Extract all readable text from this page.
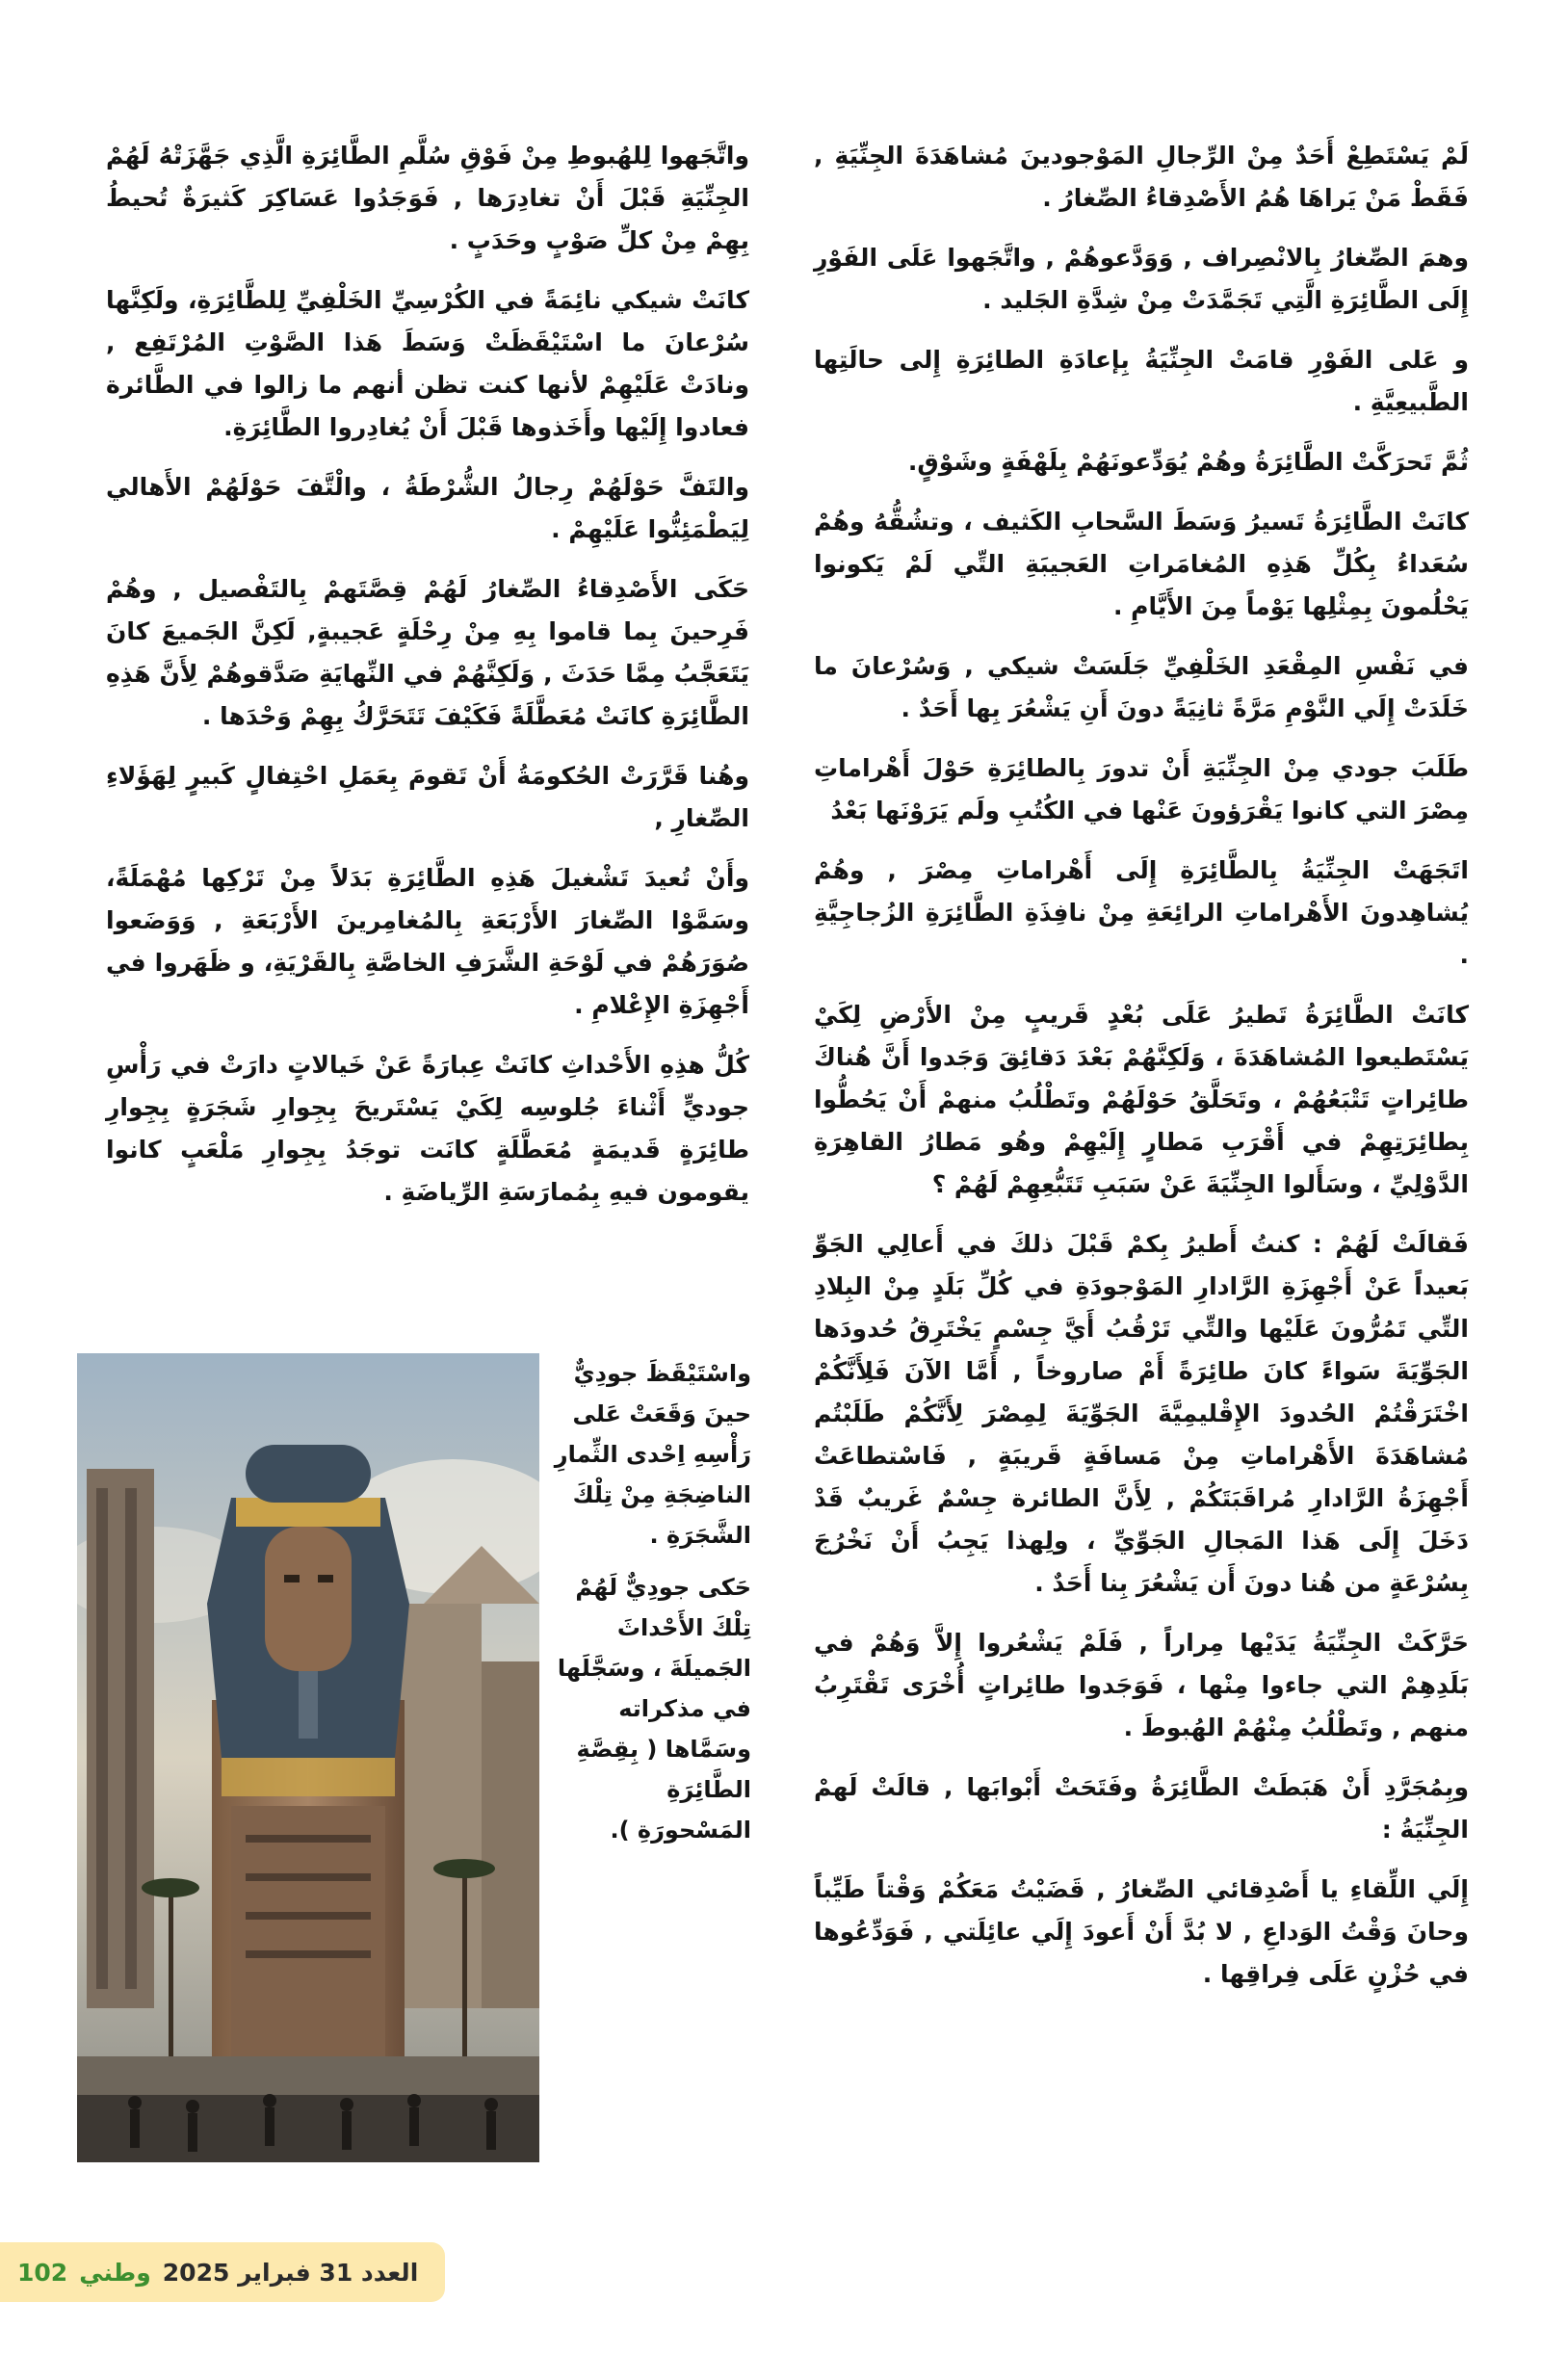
لَمْ يَسْتَطِعْ أَحَدٌ مِنْ الرِّجالِ المَوْجودينَ مُشاهَدَةَ الجِنِّيَةِ , فَقَطْ مَنْ يَراهَا هُمُ الأَصْدِقاءُ الصِّغارُ .

وهمَ الصِّغارُ بِالانْصِراف , وَوَدَّعوهُمْ , واتَّجَهوا عَلَى الفَوْرِ إِلَى الطَّائِرَةِ الَّتِي تَجَمَّدَتْ مِنْ شِدَّةِ الجَليد .

و عَلى الفَوْرِ قامَتْ الجِنِّيَةُ بِإعادَةِ الطائِرَةِ إِلى حالَتِها الطَّبيعِيَّةِ .

ثُمَّ تَحرَكَّتْ الطَّائِرَةُ وهُمْ يُوَدِّعونَهُمْ بِلَهْفَةٍ وشَوْقٍ.

كانَتْ الطَّائِرَةُ تَسيرُ وَسَطَ السَّحابِ الكَثيف ، وتشُقُّهُ وهُمْ سُعَداءُ بِكُلِّ هَذِهِ المُغامَراتِ العَجيبَةِ التِّي لَمْ يَكونوا يَحْلُمونَ بِمِثْلِها يَوْماً مِنَ الأَيَّامِ .

في نَفْسِ المِقْعَدِ الخَلْفِيِّ جَلَسَتْ شيكي , وَسُرْعانَ ما خَلَدَتْ إِلَي النَّوْمِ مَرَّةً ثانِيَةً دونَ أَنِ يَشْعُرَ بِها أَحَدٌ .

طَلَبَ جودي مِنْ الجِنِّيَةِ أَنْ تدورَ بِالطائِرَةِ حَوْلَ أَهْراماتِ مِصْرَ التي كانوا يَقْرَؤونَ عَنْها في الكُتُبِ ولَم يَرَوْنَها بَعْدُ

اتَجَهَتْ الجِنِّيَةُ بِالطَّائِرَةِ إِلَى أَهْراماتِ مِصْرَ , وهُمْ يُشاهِدونَ الأَهْراماتِ الرائِعَةِ مِنْ نافِذَةِ الطَّائِرَةِ الزُجاجِيَّةِ .

كانَتْ الطَّائِرَةُ تَطيرُ عَلَى بُعْدٍ قَريبٍ مِنْ الأَرْضِ لِكَيْ يَسْتَطيعوا المُشاهَدَةَ ، وَلَكِنَّهُمْ بَعْدَ دَقائِقَ وَجَدوا أَنَّ هُناكَ طائِراتٍ تَتْبَعُهُمْ ، وتَحَلَّقُ حَوْلَهُمْ وتَطْلُبُ منهمْ أَنْ يَحُطُّوا بِطائِرَتِهِمْ في أَقْرَبِ مَطارٍ إِلَيْهِمْ وهُو مَطارُ القاهِرَةِ الدَّوْلِيِّ ، وسَأَلوا الجِنِّيَةَ عَنْ سَبَبِ تَتَبُّعِهِمْ لَهُمْ ؟

فَقالَتْ لَهُمْ : كنتُ أَطيرُ بِكمْ قَبْلَ ذلكَ في أَعالِي الجَوِّ بَعيداً عَنْ أَجْهِزَةِ الرَّادارِ المَوْجودَةِ في كُلِّ بَلَدٍ مِنْ البِلادِ التِّي تَمُرُّونَ عَلَيْها والتِّي تَرْقُبُ أَيَّ جِسْمٍ يَخْتَرِقُ حُدودَها الجَوِّيَةَ سَواءً كانَ طائِرَةً أَمْ صاروخاً , أَمَّا الآنَ فَلِأَنَّكُمْ اخْتَرَقْتُمْ الحُدودَ الإِقْليمِيَّةَ الجَوِّيَةَ لِمِصْرَ لِأَنَّكُمْ طَلَبْتُم مُشاهَدَةَ الأَهْراماتِ مِنْ مَسافَةٍ قَريبَةٍ , فَاسْتطاعَتْ أَجْهِزَةُ الرَّادارِ مُراقَبَتَكُمْ , لِأَنَّ الطائرة جِسْمٌ غَريبٌ قَدْ دَخَلَ إِلَى هَذا المَجالِ الجَوِّيِّ ، ولِهذا يَجِبُ أَنْ نَخْرُجَ بِسُرْعَةٍ من هُنا دونَ أَن يَشْعُرَ بِنا أَحَدٌ .

حَرَّكَتْ الجِنِّيَةُ يَدَيْها مِراراً , فَلَمْ يَشْعُروا إِلاَّ وَهُمْ في بَلَدِهِمْ التي جاءوا مِنْها ، فَوَجَدوا طائِراتٍ أُخْرَى تَقْتَرِبُ منهم , وتَطْلُبُ مِنْهُمْ الهُبوطَ .

وبِمُجَرَّدِ أَنْ هَبَطَتْ الطَّائِرَةُ وفَتَحَتْ أَبْوابَها , قالَتْ لَهمْ الجِنِّيَةُ :

إِلَي اللِّقاءِ يا أَصْدِقائي الصِّغارُ , قَضَيْتُ مَعَكُمْ وَقْتاً طَيِّباً وحانَ وَقْتُ الوَداعِ , لا بُدَّ أَنْ أَعودَ إِلَي عائِلَتي , فَوَدِّعُوها في حُزْنٍ عَلَى فِراقِها .

واتَّجَهوا لِلهُبوطِ مِنْ فَوْقِ سُلَّمِ الطَّائِرَةِ الَّذِي جَهَّزَتْهُ لَهُمْ الجِنِّيَةِ قَبْلَ أَنْ تغادِرَها , فَوَجَدُوا عَسَاكِرَ كَثيرَةٌ تُحيطُ بِهِمْ مِنْ كلِّ صَوْبٍ وحَدَبٍ .

كانَتْ شيكي نائِمَةً في الكُرْسِيِّ الخَلْفِيِّ لِلطَّائِرَةِ، ولَكِنَّها سُرْعانَ ما اسْتَيْقَظَتْ وَسَطَ هَذا الصَّوْتِ المُرْتَفِع , ونادَتْ عَلَيْهِمْ لأنها كنت تظن أنهم ما زالوا في الطَّائرة فعادوا إِلَيْها وأَخَذوها قَبْلَ أَنْ يُغادِروا الطَّائِرَةِ.

والتَفَّ حَوْلَهُمْ رِجالُ الشُّرْطَةُ ، والْتَّفَ حَوْلَهُمْ الأَهالي لِيَطْمَئِنُّوا عَلَيْهِمْ .

حَكَى الأَصْدِقاءُ الصِّغارُ لَهُمْ قِصَّتَهمْ بِالتَفْصيل , وهُمْ فَرِحينَ بِما قاموا بِهِ مِنْ رِحْلَةٍ عَجيبةٍ, لَكِنَّ الجَميعَ كانَ يَتَعَجَّبُ مِمَّا حَدَثَ , وَلَكِنَّهُمْ في النِّهايَةِ صَدَّقوهُمْ لِأَنَّ هَذِهِ الطَّائِرَةِ كانَتْ مُعَطَّلَةً فَكَيْفَ تَتَحَرَّكُ بِهِمْ وَحْدَها .

وهُنا قَرَّرَتْ الحُكومَةُ أَنْ تَقومَ بِعَمَلِ احْتِفالٍ كَبيرٍ لِهَؤَلاءِ الصِّغارِ ,

وأَنْ تُعيدَ تَشْغيلَ هَذِهِ الطَّائِرَةِ بَدَلاً مِنْ تَرْكِها مُهْمَلَةً، وسَمَّوْا الصِّغارَ الأَرْبَعَةِ بِالمُغامِرينَ الأَرْبَعَةِ , وَوَضَعوا صُوَرَهُمْ في لَوْحَةِ الشَّرَفِ الخاصَّةِ بِالقَرْيَةِ، و ظَهَروا في أَجْهِزَةِ الإِعْلامِ .

كُلُّ هذِهِ الأَحْداثِ كانَتْ عِبارَةً عَنْ خَيالاتٍ دارَتْ في رَأْسِ جوديٍّ أَثْناءَ جُلوسِه لِكَيْ يَسْتَريحَ بِجِوارِ شَجَرَةٍ بِجِوارِ طائِرَةٍ قَديمَةٍ مُعَطَّلَةٍ كانَت توجَدُ بِجِوارِ مَلْعَبٍ كانوا يقومون فيهِ بِمُمارَسَةِ الرِّياضَةِ .

واسْتَيْقَظَ جودِيٌّ حينَ وَقَعَتْ عَلى رَأْسِهِ اِحْدى الثِّمارِ الناضِجَةِ مِنْ تِلْكَ الشَّجَرَةِ .

حَكى جودِيٌّ لَهُمْ تِلْكَ الأَحْداثَ الجَميلَةَ ، وسَجَّلَها في مذكراته وسَمَّاها ( بِقِصَّةِ الطَّائِرَةِ المَسْحورَةِ ).

102 وطني العدد 31 فبراير 2025
